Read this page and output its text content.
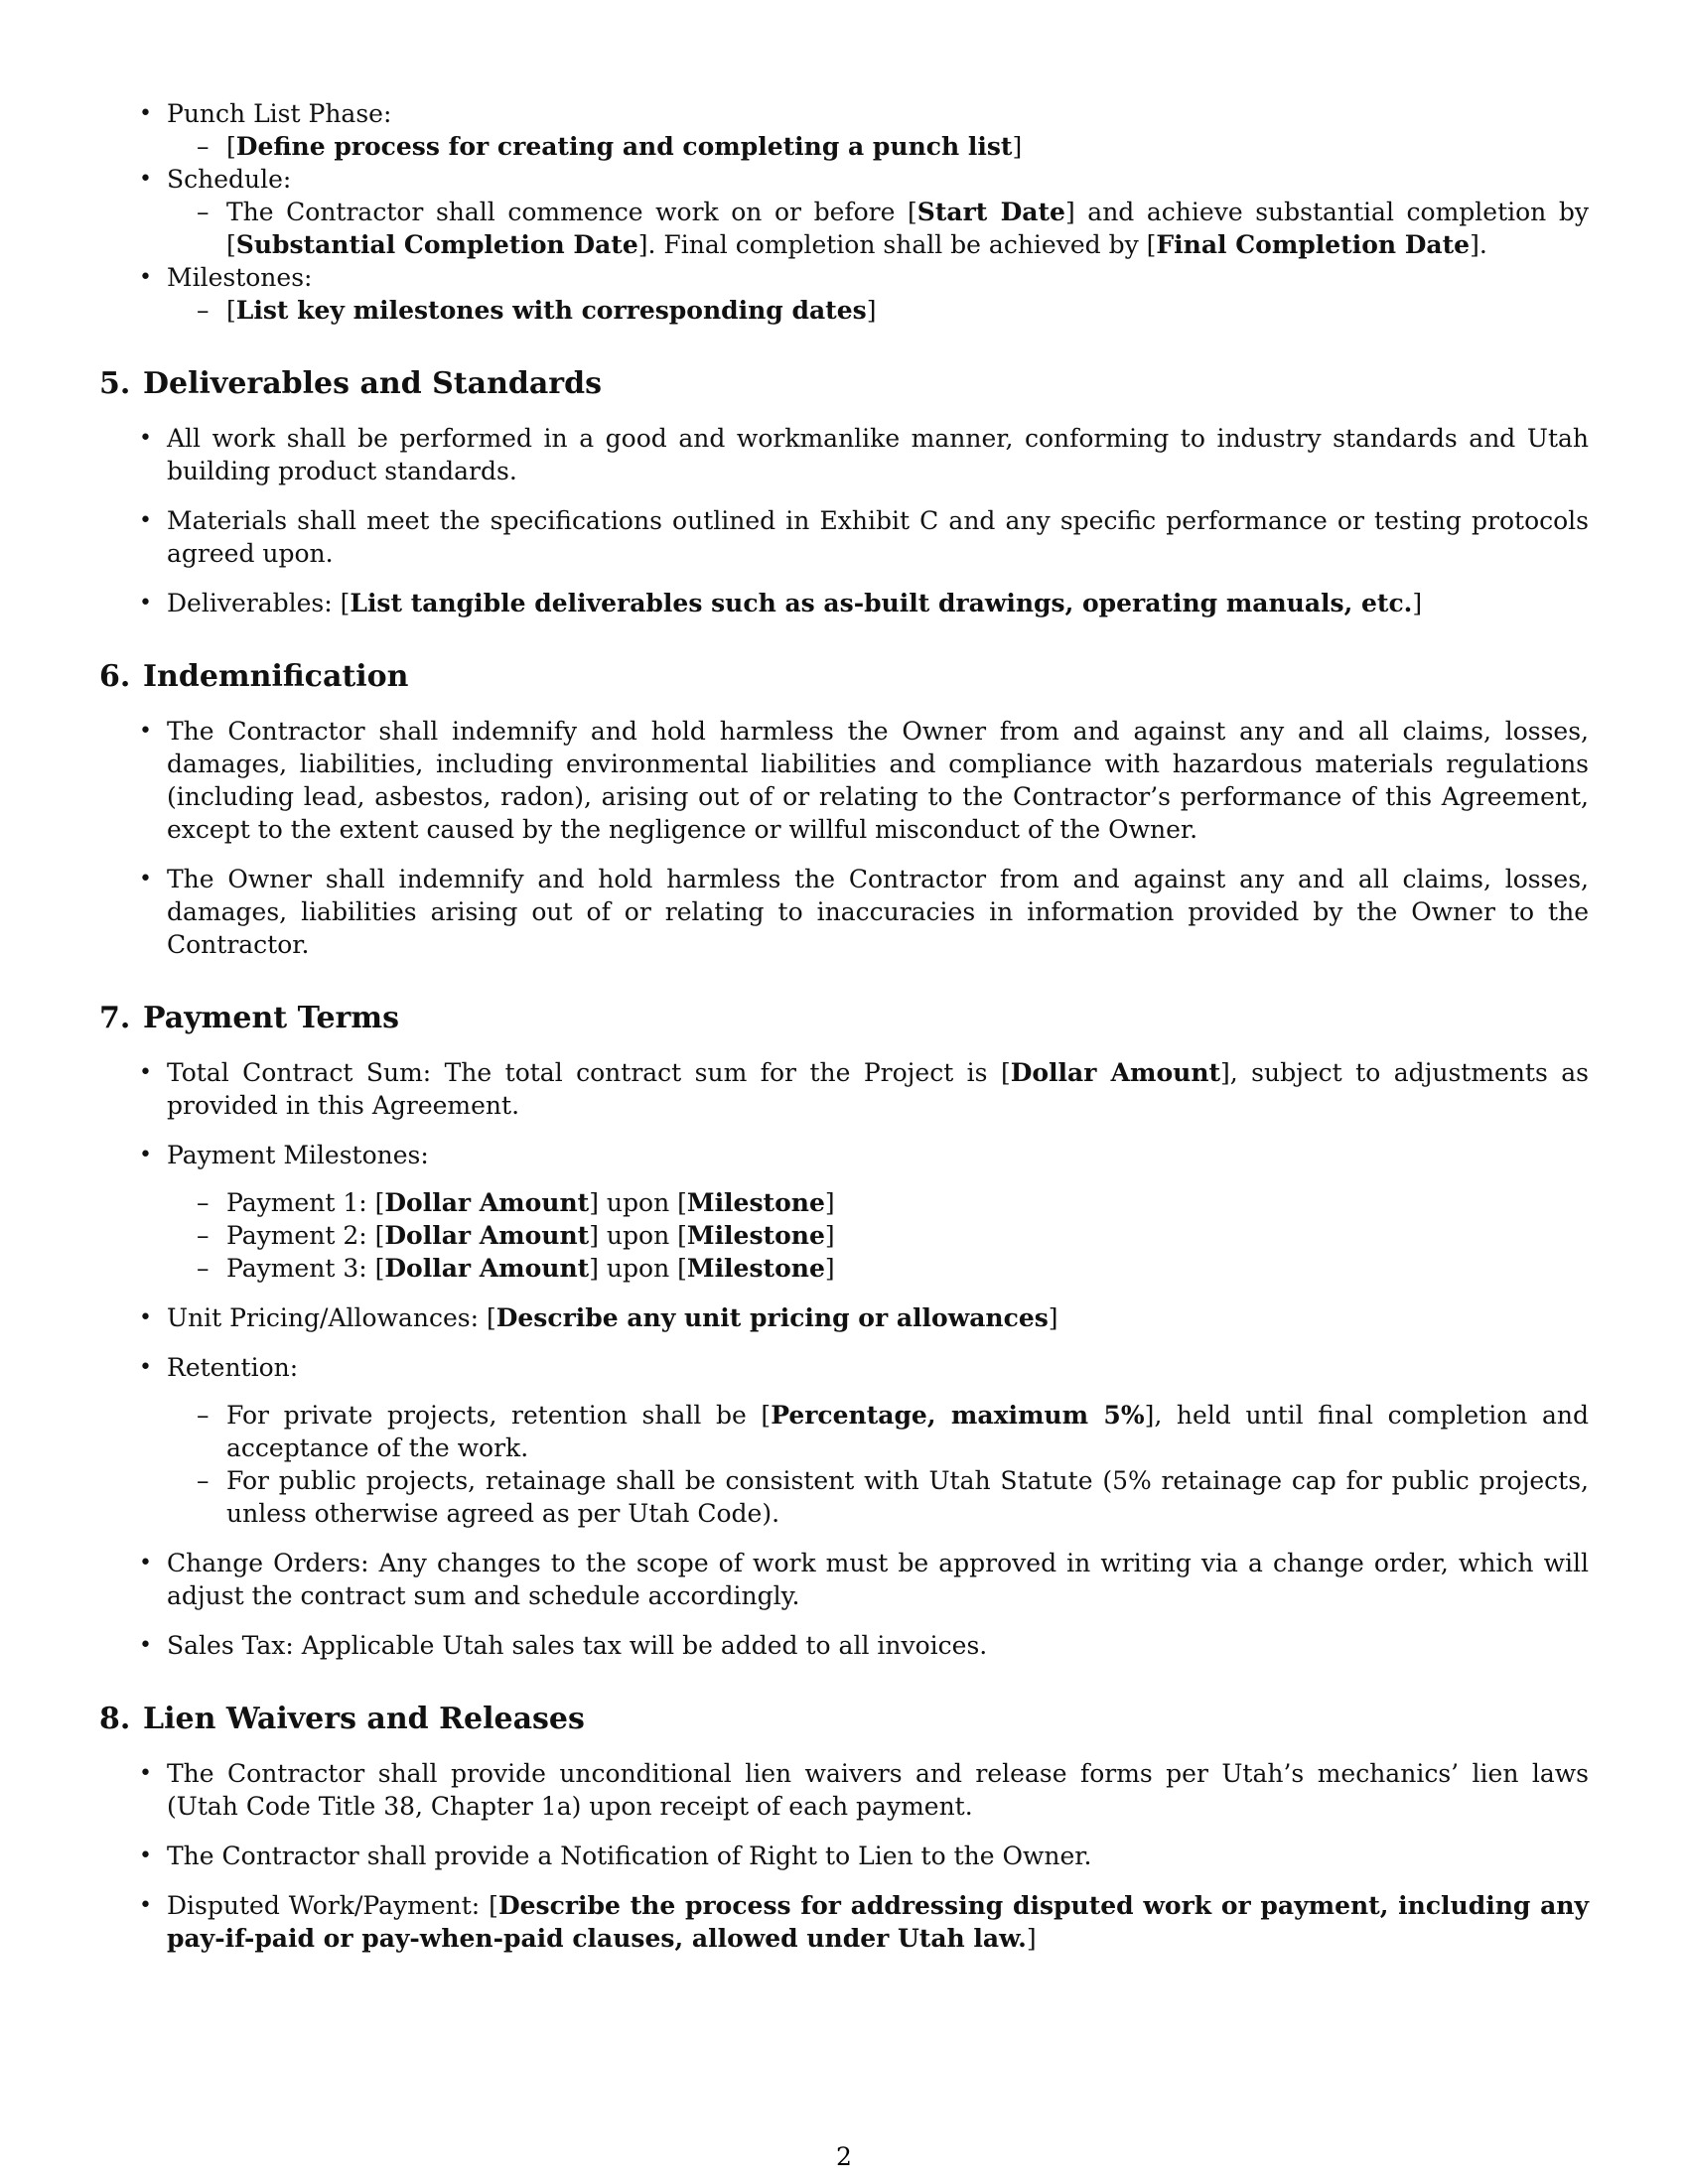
• Punch List Phase:
– [Define process for creating and completing a punch list]
• Schedule:
– The Contractor shall commence work on or before [Start Date] and achieve substantial completion by [Substantial Completion Date]. Final completion shall be achieved by [Final Completion Date].
• Milestones:
– [List key milestones with corresponding dates]
5. Deliverables and Standards
• All work shall be performed in a good and workmanlike manner, conforming to industry standards and Utah building product standards.
• Materials shall meet the specifications outlined in Exhibit C and any specific performance or testing protocols agreed upon.
• Deliverables: [List tangible deliverables such as as-built drawings, operating manuals, etc.]
6. Indemnification
• The Contractor shall indemnify and hold harmless the Owner from and against any and all claims, losses, damages, liabilities, including environmental liabilities and compliance with hazardous materials regulations (including lead, asbestos, radon), arising out of or relating to the Contractor’s performance of this Agreement, except to the extent caused by the negligence or willful misconduct of the Owner.
• The Owner shall indemnify and hold harmless the Contractor from and against any and all claims, losses, damages, liabilities arising out of or relating to inaccuracies in information provided by the Owner to the Contractor.
7. Payment Terms
• Total Contract Sum: The total contract sum for the Project is [Dollar Amount], subject to adjustments as provided in this Agreement.
• Payment Milestones:
– Payment 1: [Dollar Amount] upon [Milestone]
– Payment 2: [Dollar Amount] upon [Milestone]
– Payment 3: [Dollar Amount] upon [Milestone]
• Unit Pricing/Allowances: [Describe any unit pricing or allowances]
• Retention:
– For private projects, retention shall be [Percentage, maximum 5%], held until final completion and acceptance of the work.
– For public projects, retainage shall be consistent with Utah Statute (5% retainage cap for public projects, unless otherwise agreed as per Utah Code).
• Change Orders: Any changes to the scope of work must be approved in writing via a change order, which will adjust the contract sum and schedule accordingly.
• Sales Tax: Applicable Utah sales tax will be added to all invoices.
8. Lien Waivers and Releases
• The Contractor shall provide unconditional lien waivers and release forms per Utah’s mechanics’ lien laws (Utah Code Title 38, Chapter 1a) upon receipt of each payment.
• The Contractor shall provide a Notification of Right to Lien to the Owner.
• Disputed Work/Payment: [Describe the process for addressing disputed work or payment, including any pay-if-paid or pay-when-paid clauses, allowed under Utah law.]
2
